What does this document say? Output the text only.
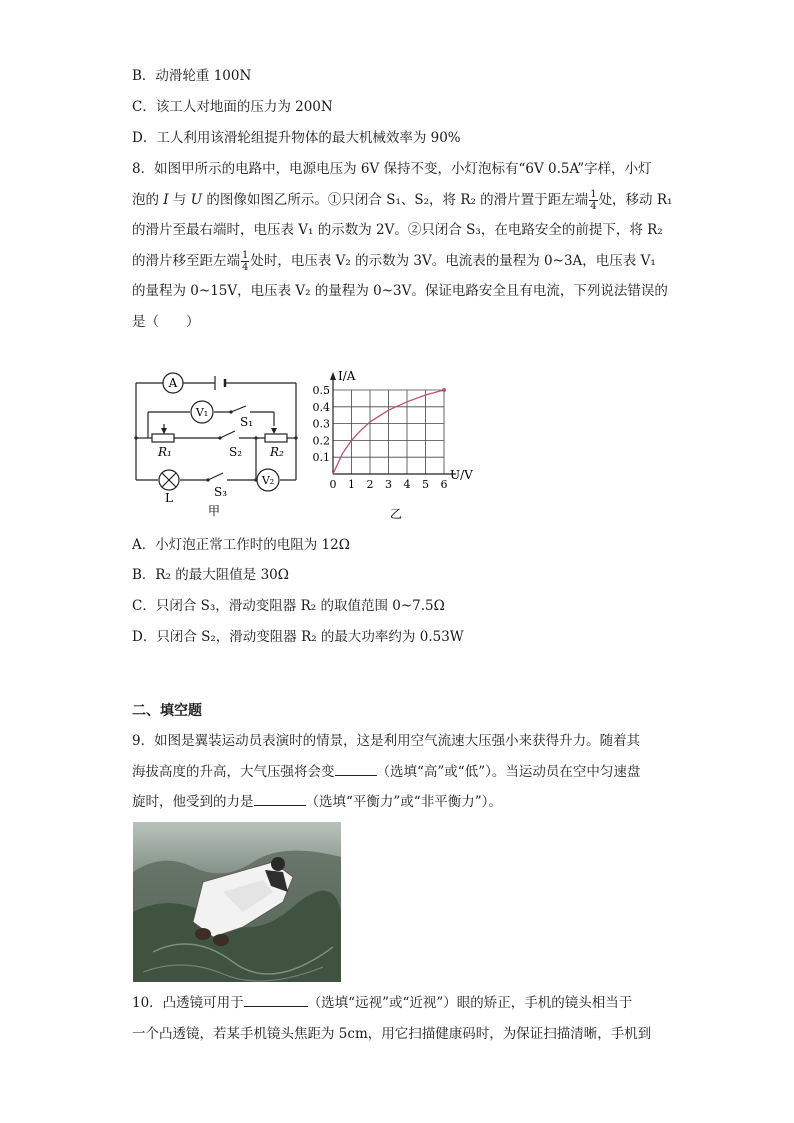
B．动滑轮重 100N
C．该工人对地面的压力为 200N
D．工人利用该滑轮组提升物体的最大机械效率为 90%
8．如图甲所示的电路中，电源电压为 6V 保持不变，小灯泡标有“6V 0.5A”字样，小灯
泡的 I 与 U 的图像如图乙所示。①只闭合 S₁、S₂，将 R₂ 的滑片置于距左端 $\frac{1}{4}$ 处，移动 R₁
的滑片至最右端时，电压表 V₁ 的示数为 2V。②只闭合 S₃，在电路安全的前提下，将 R₂
的滑片移至距左端 $\frac{1}{4}$ 处时，电压表 V₂ 的示数为 3V。电流表的量程为 0~3A，电压表 V₁
的量程为 0~15V，电压表 V₂ 的量程为 0~3V。保证电路安全且有电流，下列说法错误的
是（　　）
A
V₁
V₂
S₁
S₂
S₃
R₁	R₂
L
甲
0 1 2 3 4 5 6
0.1
0.2
0.3
0.4
0.5
I/A
U/V
乙
A．小灯泡正常工作时的电阻为 12Ω
B．R₂ 的最大阻值是 30Ω
C．只闭合 S₃，滑动变阻器 R₂ 的取值范围 0~7.5Ω
D．只闭合 S₂，滑动变阻器 R₂ 的最大功率约为 0.53W
二、填空题
9．如图是翼装运动员表演时的情景，这是利用空气流速大压强小来获得升力。随着其
海拔高度的升高，大气压强将会变	（选填“高”或“低”）。当运动员在空中匀速盘
旋时，他受到的力是	（选填“平衡力”或“非平衡力”）。
10．凸透镜可用于	（选填“远视”或“近视”）眼的矫正，手机的镜头相当于
一个凸透镜，若某手机镜头焦距为 5cm，用它扫描健康码时，为保证扫描清晰，手机到
